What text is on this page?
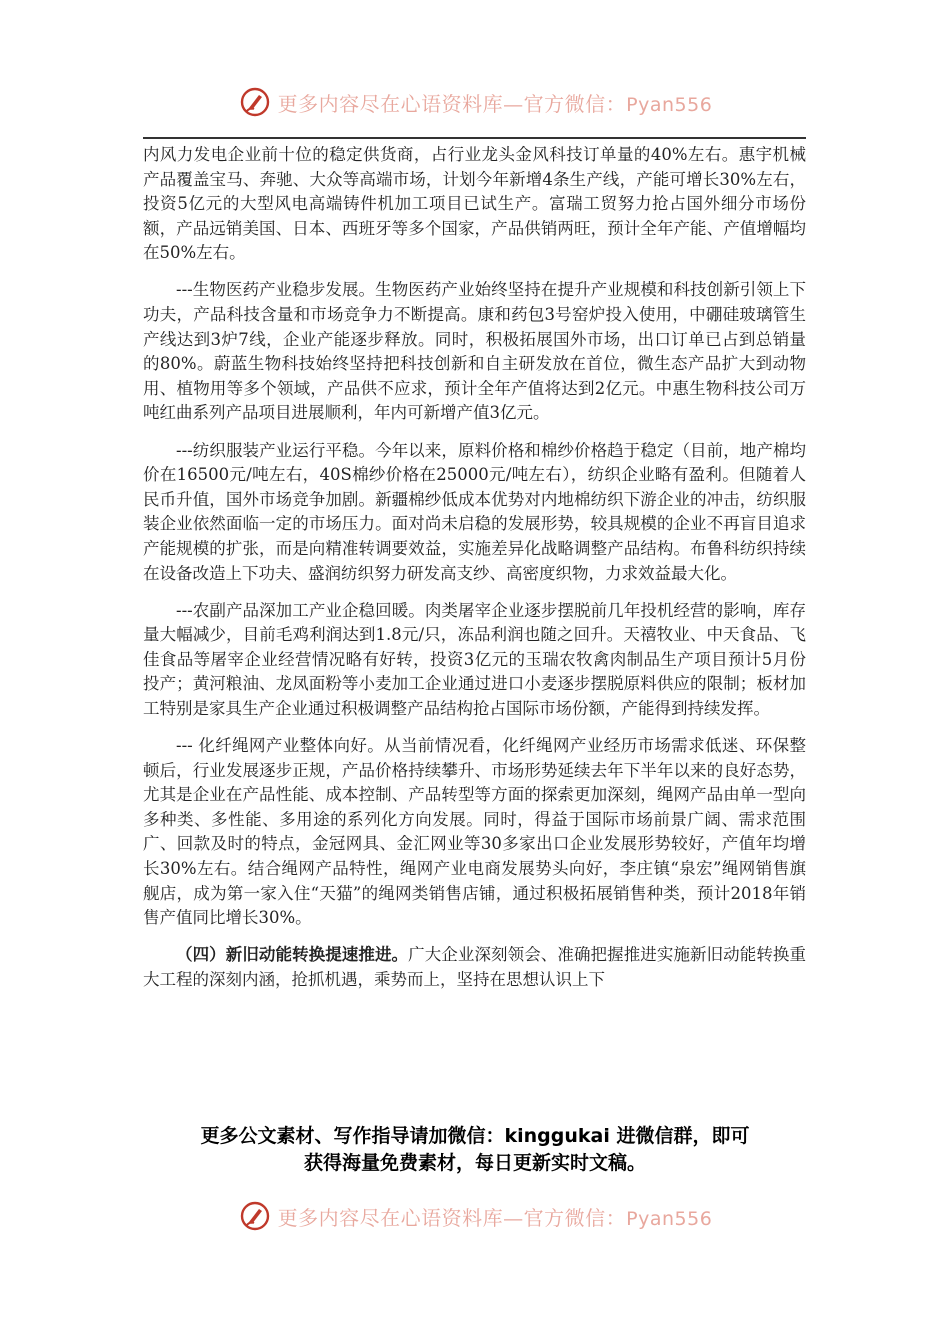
更多内容尽在心语资料库—官方微信：Pyan556

内风力发电企业前十位的稳定供货商，占行业龙头金风科技订单量的40%左右。惠宇机械产品覆盖宝马、奔驰、大众等高端市场，计划今年新增4条生产线，产能可增长30%左右，投资5亿元的大型风电高端铸件机加工项目已试生产。富瑞工贸努力抢占国外细分市场份额，产品远销美国、日本、西班牙等多个国家，产品供销两旺，预计全年产能、产值增幅均在50%左右。

---生物医药产业稳步发展。生物医药产业始终坚持在提升产业规模和科技创新引领上下功夫，产品科技含量和市场竞争力不断提高。康和药包3号窑炉投入使用，中硼硅玻璃管生产线达到3炉7线，企业产能逐步释放。同时，积极拓展国外市场，出口订单已占到总销量的80%。蔚蓝生物科技始终坚持把科技创新和自主研发放在首位，微生态产品扩大到动物用、植物用等多个领域，产品供不应求，预计全年产值将达到2亿元。中惠生物科技公司万吨红曲系列产品项目进展顺利，年内可新增产值3亿元。

---纺织服装产业运行平稳。今年以来，原料价格和棉纱价格趋于稳定（目前，地产棉均价在16500元/吨左右，40S棉纱价格在25000元/吨左右），纺织企业略有盈利。但随着人民币升值，国外市场竞争加剧。新疆棉纱低成本优势对内地棉纺织下游企业的冲击，纺织服装企业依然面临一定的市场压力。面对尚未启稳的发展形势，较具规模的企业不再盲目追求产能规模的扩张，而是向精准转调要效益，实施差异化战略调整产品结构。布鲁科纺织持续在设备改造上下功夫、盛润纺织努力研发高支纱、高密度织物，力求效益最大化。

---农副产品深加工产业企稳回暖。肉类屠宰企业逐步摆脱前几年投机经营的影响，库存量大幅减少，目前毛鸡利润达到1.8元/只，冻品利润也随之回升。天禧牧业、中天食品、飞佳食品等屠宰企业经营情况略有好转，投资3亿元的玉瑞农牧禽肉制品生产项目预计5月份投产；黄河粮油、龙凤面粉等小麦加工企业通过进口小麦逐步摆脱原料供应的限制；板材加工特别是家具生产企业通过积极调整产品结构抢占国际市场份额，产能得到持续发挥。

--- 化纤绳网产业整体向好。从当前情况看，化纤绳网产业经历市场需求低迷、环保整顿后，行业发展逐步正规，产品价格持续攀升、市场形势延续去年下半年以来的良好态势，尤其是企业在产品性能、成本控制、产品转型等方面的探索更加深刻，绳网产品由单一型向多种类、多性能、多用途的系列化方向发展。同时，得益于国际市场前景广阔、需求范围广、回款及时的特点，金冠网具、金汇网业等30多家出口企业发展形势较好，产值年均增长30%左右。结合绳网产品特性，绳网产业电商发展势头向好，李庄镇“泉宏”绳网销售旗舰店，成为第一家入住“天猫”的绳网类销售店铺，通过积极拓展销售种类，预计2018年销售产值同比增长30%。

（四）新旧动能转换提速推进。广大企业深刻领会、准确把握推进实施新旧动能转换重大工程的深刻内涵，抢抓机遇，乘势而上，坚持在思想认识上下

更多公文素材、写作指导请加微信：kinggukai 进微信群，即可
获得海量免费素材，每日更新实时文稿。
更多内容尽在心语资料库—官方微信：Pyan556
